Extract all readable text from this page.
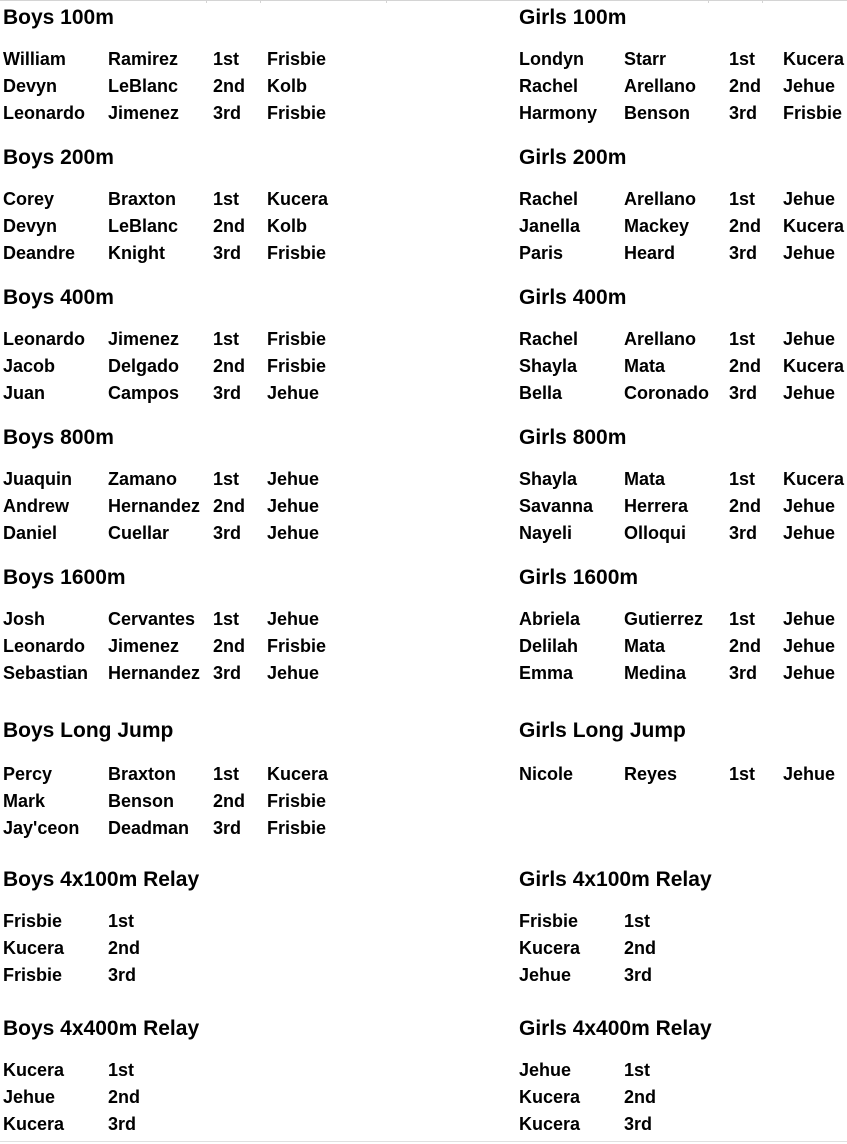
Boys 100m
William	Ramirez 1st Frisbie
Devyn	LeBlanc 2nd Kolb
Leonardo	Jimenez 3rd Frisbie
Girls 100m
Londyn	Starr	1st Kucera
Rachel	Arellano 2nd Jehue
Harmony	Benson 3rd Frisbie
Boys 200m
Corey	Braxton 1st Kucera
Devyn	LeBlanc 2nd Kolb
Deandre	Knight	3rd Frisbie
Girls 200m
Rachel	Arellano 1st Jehue
Janella	Mackey 2nd Kucera
Paris	Heard	3rd Jehue
Boys 400m
Leonardo	Jimenez 1st Frisbie
Jacob	Delgado 2nd Frisbie
Juan	Campos 3rd Jehue
Girls 400m
Rachel	Arellano 1st Jehue
Shayla	Mata	2nd Kucera
Bella	Coronado 3rd Jehue
Boys 800m
Juaquin	Zamano 1st Jehue
Andrew	Hernandez 2nd Jehue
Daniel	Cuellar 3rd Jehue
Girls 800m
Shayla	Mata	1st Kucera
Savanna	Herrera 2nd Jehue
Nayeli	Olloqui 3rd Jehue
Boys 1600m
Josh	Cervantes 1st Jehue
Leonardo	Jimenez 2nd Frisbie
Sebastian	Hernandez 3rd Jehue
Girls 1600m
Abriela	Gutierrez 1st Jehue
Delilah	Mata	2nd Jehue
Emma	Medina 3rd Jehue
Boys Long Jump
Percy	Braxton 1st Kucera
Mark	Benson 2nd Frisbie
Jay'ceon	Deadman 3rd Frisbie
Girls Long Jump
Nicole	Reyes	1st Jehue
Boys 4x100m Relay
Frisbie	1st
Kucera 2nd
Frisbie	3rd
Girls 4x100m Relay
Frisbie	1st
Kucera 2nd
Jehue	3rd
Boys 4x400m Relay
Kucera 1st
Jehue	2nd
Kucera 3rd
Girls 4x400m Relay
Jehue	1st
Kucera 2nd
Kucera 3rd
